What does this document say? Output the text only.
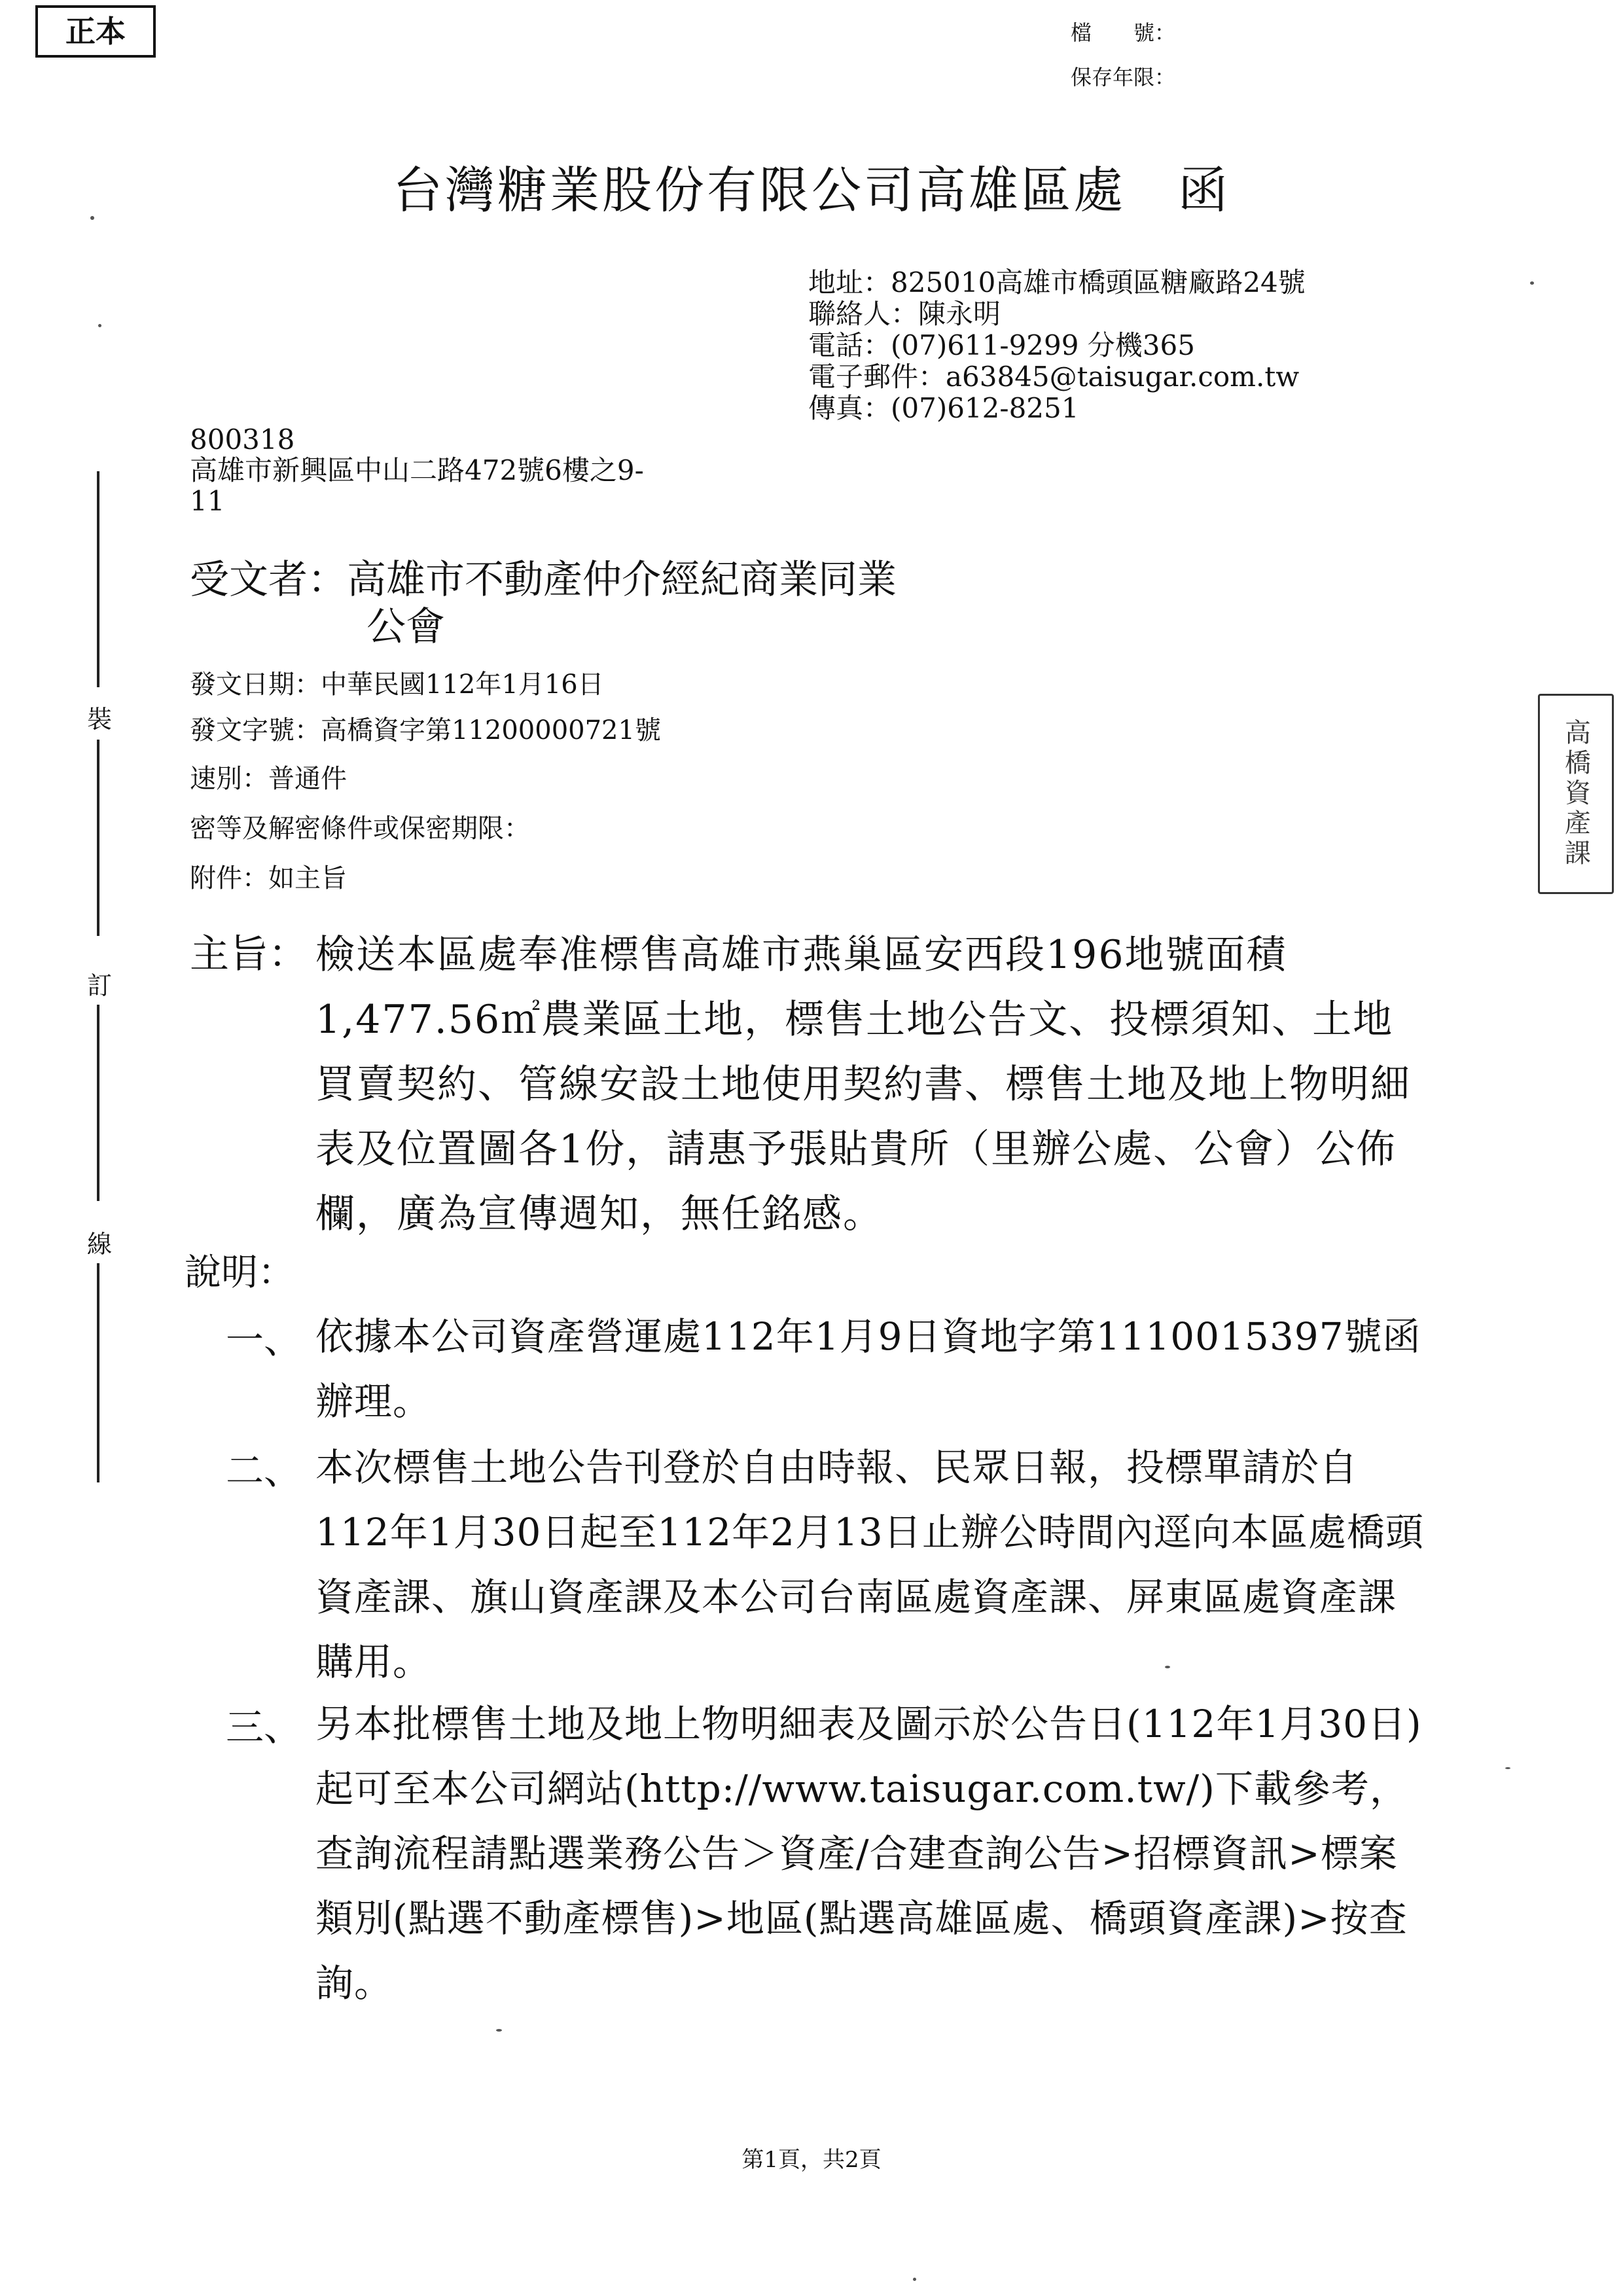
正本	檔　　號：
保存年限：
台灣糖業股份有限公司高雄區處　函
地址：825010高雄市橋頭區糖廠路24號
聯絡人：陳永明
電話：(07)611-9299 分機365
電子郵件：a63845@taisugar.com.tw
傳真：(07)612-8251
800318
高雄市新興區中山二路472號6樓之9-
11
受文者：高雄市不動產仲介經紀商業同業
公會
發文日期：中華民國112年1月16日
發文字號：高橋資字第11200000721號
速別：普通件
密等及解密條件或保密期限：
附件：如主旨
主旨： 檢送本區處奉准標售高雄市燕巢區安西段196地號面積1,477.56㎡農業區土地，標售土地公告文、投標須知、土地買賣契約、管線安設土地使用契約書、標售土地及地上物明細表及位置圖各1份，請惠予張貼貴所（里辦公處、公會）公佈欄，廣為宣傳週知，無任銘感。
說明：
一、 依據本公司資產營運處112年1月9日資地字第1110015397號函辦理。
二、 本次標售土地公告刊登於自由時報、民眾日報，投標單請於自112年1月30日起至112年2月13日止辦公時間內逕向本區處橋頭資產課、旗山資產課及本公司台南區處資產課、屏東區處資產課購用。
三、 另本批標售土地及地上物明細表及圖示於公告日(112年1月30日)起可至本公司網站(http://www.taisugar.com.tw/)下載參考，查詢流程請點選業務公告＞資產/合建查詢公告>招標資訊>標案類別(點選不動產標售)>地區(點選高雄區處、橋頭資產課)>按查詢。
裝
訂
線
高橋資產課
第1頁，共2頁
